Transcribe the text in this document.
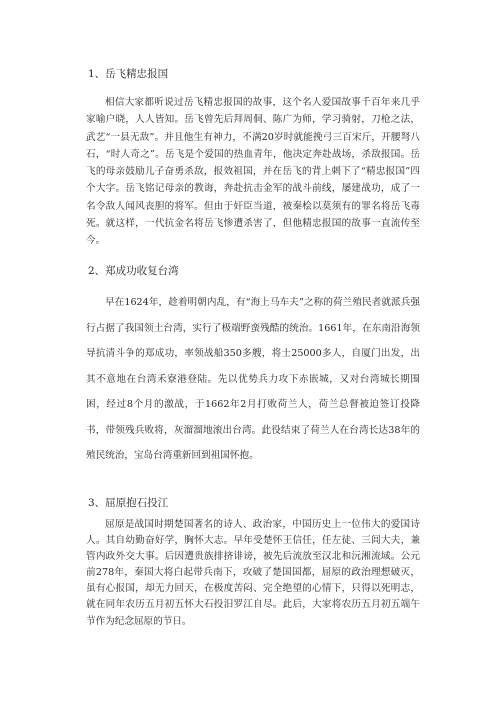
1、岳飞精忠报国
相信大家都听说过岳飞精忠报国的故事，这个名人爱国故事千百年来几乎家喻户晓，人人皆知。岳飞曾先后拜周侗、陈广为师，学习骑射，刀枪之法，武艺“一县无敌”。并且他生有神力，不满20岁时就能挽弓三百宋斤，开腰弩八石，“时人奇之”。岳飞是个爱国的热血青年，他决定奔赴战场，杀敌报国。岳飞的母亲鼓励儿子奋勇杀敌，报效祖国，并在岳飞的背上刺下了“精忠报国”四个大字。岳飞铭记母亲的教诲，奔赴抗击金军的战斗前线，屡建战功，成了一名令敌人闻风丧胆的将军。但由于奸臣当道，被秦桧以莫须有的罪名将岳飞毒死。就这样，一代抗金名将岳飞惨遭杀害了，但他精忠报国的故事一直流传至今。
2、郑成功收复台湾
早在1624年，趁着明朝内乱，有“海上马车夫”之称的荷兰殖民者就派兵强行占据了我国领土台湾，实行了极端野蛮残酷的统治。1661年，在东南沿海领导抗清斗争的郑成功，率领战船350多艘，将士25000多人，自厦门出发，出其不意地在台湾禾寮港登陆。先以优势兵力攻下赤嵌城，又对台湾城长期围困，经过8个月的激战，于1662年2月打败荷兰人，荷兰总督被迫签订投降书，带领残兵败将，灰溜溜地滚出台湾。此役结束了荷兰人在台湾长达38年的殖民统治，宝岛台湾重新回到祖国怀抱。
3、屈原抱石投江
屈原是战国时期楚国著名的诗人、政治家，中国历史上一位伟大的爱国诗人。其自幼勤奋好学，胸怀大志。早年受楚怀王信任，任左徒、三闾大夫，兼管内政外交大事。后因遭贵族排挤诽谤，被先后流放至汉北和沅湘流域。公元前278年，秦国大将白起带兵南下，攻破了楚国国都，屈原的政治理想破灭，虽有心报国，却无力回天，在极度苦闷、完全绝望的心情下，只得以死明志，就在同年农历五月初五怀大石投汨罗江自尽。此后，大家将农历五月初五端午节作为纪念屈原的节日。
